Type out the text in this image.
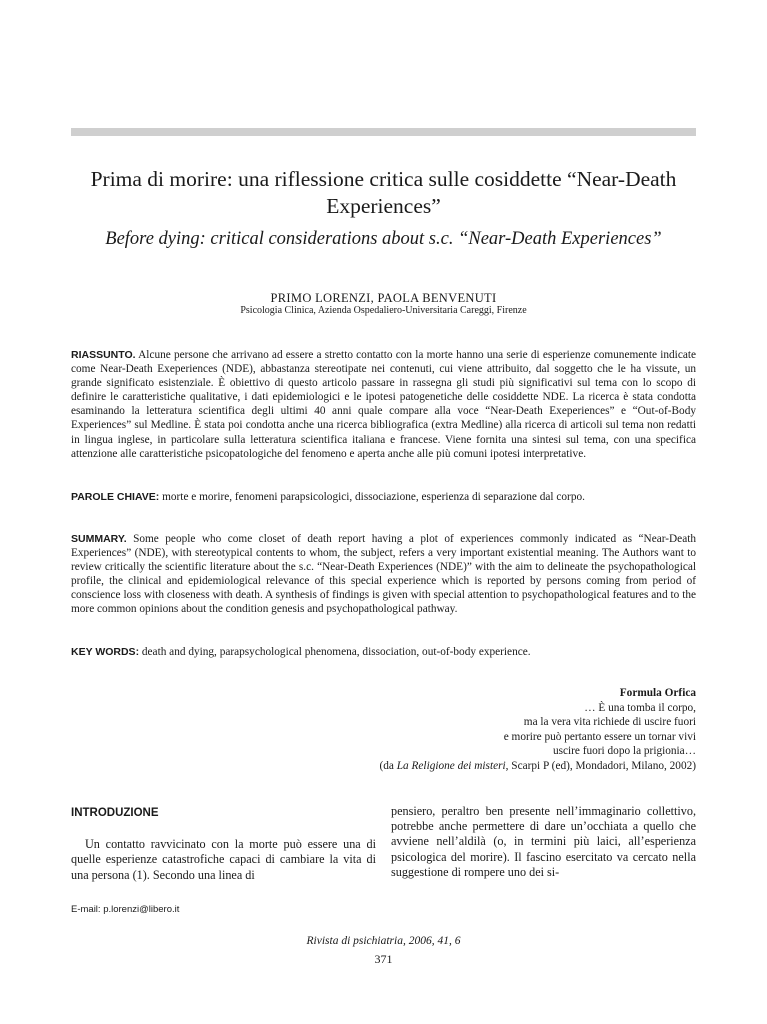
Prima di morire: una riflessione critica sulle cosiddette “Near-Death Experiences”
Before dying: critical considerations about s.c. “Near-Death Experiences”
PRIMO LORENZI, PAOLA BENVENUTI
Psicologia Clinica, Azienda Ospedaliero-Universitaria Careggi, Firenze
RIASSUNTO. Alcune persone che arrivano ad essere a stretto contatto con la morte hanno una serie di esperienze comunemente indicate come Near-Death Exeperiences (NDE), abbastanza stereotipate nei contenuti, cui viene attribuito, dal soggetto che le ha vissute, un grande significato esistenziale. È obiettivo di questo articolo passare in rassegna gli studi più significativi sul tema con lo scopo di definire le caratteristiche qualitative, i dati epidemiologici e le ipotesi patogenetiche delle cosiddette NDE. La ricerca è stata condotta esaminando la letteratura scientifica degli ultimi 40 anni quale compare alla voce “Near-Death Exeperiences” e “Out-of-Body Experiences” sul Medline. È stata poi condotta anche una ricerca bibliografica (extra Medline) alla ricerca di articoli sul tema non redatti in lingua inglese, in particolare sulla letteratura scientifica italiana e francese. Viene fornita una sintesi sul tema, con una specifica attenzione alle caratteristiche psicopatologiche del fenomeno e aperta anche alle più comuni ipotesi interpretative.
PAROLE CHIAVE: morte e morire, fenomeni parapsicologici, dissociazione, esperienza di separazione dal corpo.
SUMMARY. Some people who come closet of death report having a plot of experiences commonly indicated as “Near-Death Experiences” (NDE), with stereotypical contents to whom, the subject, refers a very important existential meaning. The Authors want to review critically the scientific literature about the s.c. “Near-Death Experiences (NDE)” with the aim to delineate the psychopathological profile, the clinical and epidemiological relevance of this special experience which is reported by persons coming from period of conscience loss with closeness with death. A synthesis of findings is given with special attention to psychopathological features and to the more common opinions about the condition genesis and psychopathological pathway.
KEY WORDS: death and dying, parapsychological phenomena, dissociation, out-of-body experience.
Formula Orfica
… È una tomba il corpo,
ma la vera vita richiede di uscire fuori
e morire può pertanto essere un tornar vivi
uscire fuori dopo la prigionia…
(da La Religione dei misteri, Scarpi P (ed), Mondadori, Milano, 2002)
INTRODUZIONE

Un contatto ravvicinato con la morte può essere una di quelle esperienze catastrofiche capaci di cambiare la vita di una persona (1). Secondo una linea di

pensiero, peraltro ben presente nell’immaginario collettivo, potrebbe anche permettere di dare un’occhiata a quello che avviene nell’aldilà (o, in termini più laici, all’esperienza psicologica del morire). Il fascino esercitato va cercato nella suggestione di rompere uno dei si-

E-mail: p.lorenzi@libero.it
Rivista di psichiatria, 2006, 41, 6
371
